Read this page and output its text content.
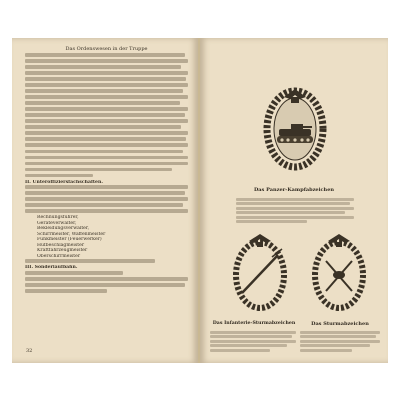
Das Ordenswesen in der Truppe
II. Unteroffiziersfachschaften.
Rechnungsführer,
Geräteverwalter,
Bekleidungsverwalter,
Schirrmeister, Waffenmeister
Funkmeister (Feuerwerker)
Hufbeschlagmeister
Kraftfahrzeugmeister
Oberschirrmeister
III. Sonderlaufbahn.
32
Das Panzer-Kampfabzeichen
Das Infanterie-Sturmabzeichen	Das Sturmabzeichen
